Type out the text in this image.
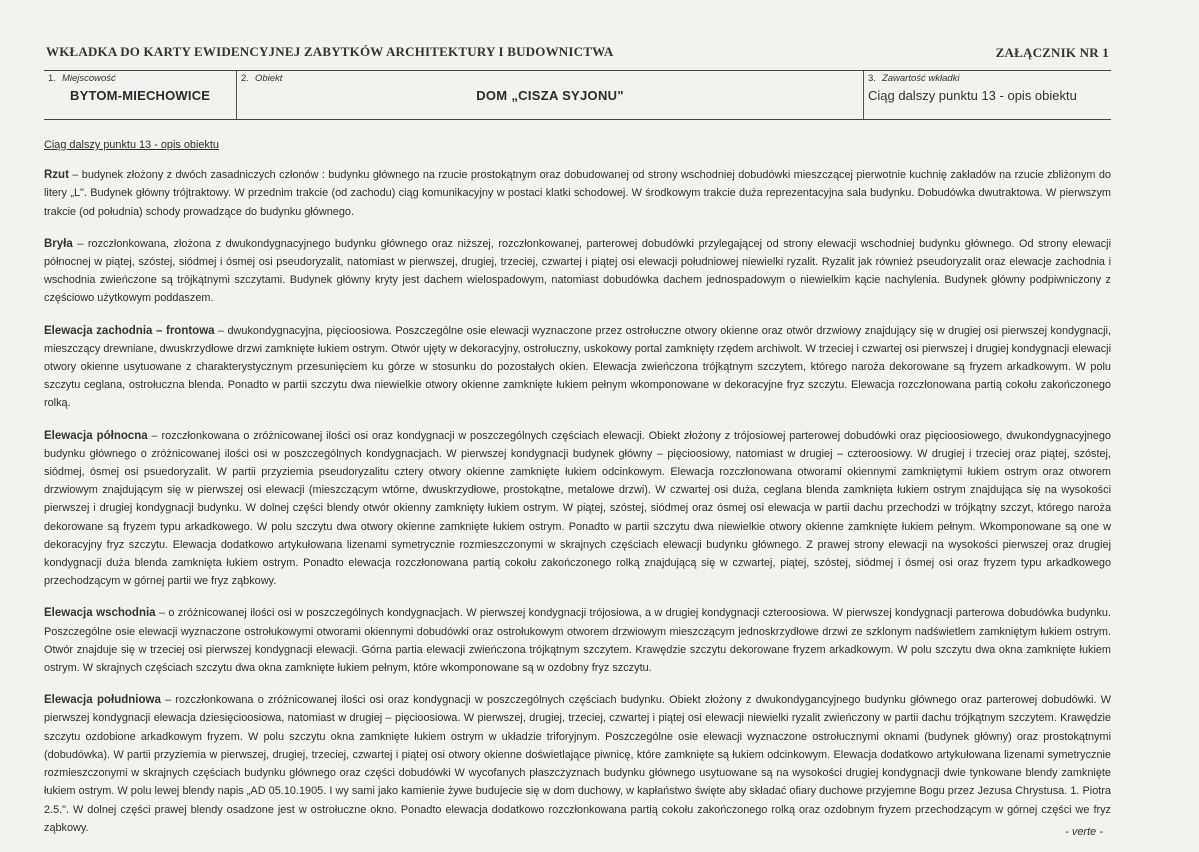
WKŁADKA DO KARTY EWIDENCYJNEJ ZABYTKÓW ARCHITEKTURY I BUDOWNICTWA	ZAŁĄCZNIK NR 1
1. Miejscowość
BYTOM-MIECHOWICE
2. Obiekt
DOM „CISZA SYJONU"
3. Zawartość wkładki
Ciąg dalszy punktu 13 - opis obiektu
Ciąg dalszy punktu 13 - opis obiektu

Rzut – budynek złożony z dwóch zasadniczych członów : budynku głównego na rzucie prostokątnym oraz dobudowanej od strony wschodniej dobudówki mieszczącej pierwotnie kuchnię zakładów na rzucie zbliżonym do litery „L". Budynek główny trójtraktowy. W przednim trakcie (od zachodu) ciąg komunikacyjny w postaci klatki schodowej. W środkowym trakcie duża reprezentacyjna sala budynku. Dobudówka dwutraktowa. W pierwszym trakcie (od południa) schody prowadzące do budynku głównego.

Bryła – rozczłonkowana, złożona z dwukondygnacyjnego budynku głównego oraz niższej, rozczłonkowanej, parterowej dobudówki przylegającej od strony elewacji wschodniej budynku głównego. Od strony elewacji północnej w piątej, szóstej, siódmej i ósmej osi pseudoryzalit, natomiast w pierwszej, drugiej, trzeciej, czwartej i piątej osi elewacji południowej niewielki ryzalit. Ryzalit jak również pseudoryzalit oraz elewacje zachodnia i wschodnia zwieńczone są trójkątnymi szczytami. Budynek główny kryty jest dachem wielospadowym, natomiast dobudówka dachem jednospadowym o niewielkim kącie nachylenia. Budynek główny podpiwniczony z częściowo użytkowym poddaszem.

Elewacja zachodnia – frontowa – dwukondygnacyjna, pięcioosiowa. Poszczególne osie elewacji wyznaczone przez ostrołuczne otwory okienne oraz otwór drzwiowy znajdujący się w drugiej osi pierwszej kondygnacji, mieszczący drewniane, dwuskrzydłowe drzwi zamknięte łukiem ostrym. Otwór ujęty w dekoracyjny, ostrołuczny, uskokowy portal zamknięty rzędem archiwolt. W trzeciej i czwartej osi pierwszej i drugiej kondygnacji elewacji otwory okienne usytuowane z charakterystycznym przesunięciem ku górze w stosunku do pozostałych okien. Elewacja zwieńczona trójkątnym szczytem, którego naroża dekorowane są fryzem arkadkowym. W polu szczytu ceglana, ostrołuczna blenda. Ponadto w partii szczytu dwa niewielkie otwory okienne zamknięte łukiem pełnym wkomponowane w dekoracyjne fryz szczytu. Elewacja rozczłonowana partią cokołu zakończonego rolką.

Elewacja północna – rozczłonkowana o zróżnicowanej ilości osi oraz kondygnacji w poszczególnych częściach elewacji. Obiekt złożony z trójosiowej parterowej dobudówki oraz pięcioosiowego, dwukondygnacyjnego budynku głównego o zróżnicowanej ilości osi w poszczególnych kondygnacjach. W pierwszej kondygnacji budynek główny – pięcioosiowy, natomiast w drugiej – czteroosiowy. W drugiej i trzeciej oraz piątej, szóstej, siódmej, ósmej osi psuedoryzalit. W partii przyziemia pseudoryzalitu cztery otwory okienne zamknięte łukiem odcinkowym. Elewacja rozczłonowana otworami okiennymi zamkniętymi łukiem ostrym oraz otworem drzwiowym znajdującym się w pierwszej osi elewacji (mieszczącym wtórne, dwuskrzydłowe, prostokątne, metalowe drzwi). W czwartej osi duża, ceglana blenda zamknięta łukiem ostrym znajdująca się na wysokości pierwszej i drugiej kondygnacji budynku. W dolnej części blendy otwór okienny zamknięty łukiem ostrym. W piątej, szóstej, siódmej oraz ósmej osi elewacja w partii dachu przechodzi w trójkątny szczyt, którego naroża dekorowane są fryzem typu arkadkowego. W polu szczytu dwa otwory okienne zamknięte łukiem ostrym. Ponadto w partii szczytu dwa niewielkie otwory okienne zamknięte łukiem pełnym. Wkomponowane są one w dekoracyjny fryz szczytu. Elewacja dodatkowo artykułowana lizenami symetrycznie rozmieszczonymi w skrajnych częściach elewacji budynku głównego. Z prawej strony elewacji na wysokości pierwszej oraz drugiej kondygnacji duża blenda zamknięta łukiem ostrym. Ponadto elewacja rozczłonowana partią cokołu zakończonego rolką znajdującą się w czwartej, piątej, szóstej, siódmej i ósmej osi oraz fryzem typu arkadkowego przechodzącym w górnej partii we fryz ząbkowy.

Elewacja wschodnia – o zróżnicowanej ilości osi w poszczególnych kondygnacjach. W pierwszej kondygnacji trójosiowa, a w drugiej kondygnacji czteroosiowa. W pierwszej kondygnacji parterowa dobudówka budynku. Poszczególne osie elewacji wyznaczone ostrołukowymi otworami okiennymi dobudówki oraz ostrołukowym otworem drzwiowym mieszczącym jednoskrzydłowe drzwi ze szklonym nadświetlem zamkniętym łukiem ostrym. Otwór znajduje się w trzeciej osi pierwszej kondygnacji elewacji. Górna partia elewacji zwieńczona trójkątnym szczytem. Krawędzie szczytu dekorowane fryzem arkadkowym. W polu szczytu dwa okna zamknięte łukiem ostrym. W skrajnych częściach szczytu dwa okna zamknięte łukiem pełnym, które wkomponowane są w ozdobny fryz szczytu.

Elewacja południowa – rozczłonkowana o zróżnicowanej ilości osi oraz kondygnacji w poszczególnych częściach budynku. Obiekt złożony z dwukondygancyjnego budynku głównego oraz parterowej dobudówki. W pierwszej kondygnacji elewacja dziesięcioosiowa, natomiast w drugiej – pięcioosiowa. W pierwszej, drugiej, trzeciej, czwartej i piątej osi elewacji niewielki ryzalit zwieńczony w partii dachu trójkątnym szczytem. Krawędzie szczytu ozdobione arkadkowym fryzem. W polu szczytu okna zamknięte łukiem ostrym w układzie triforyjnym. Poszczególne osie elewacji wyznaczone ostrołucznymi oknami (budynek główny) oraz prostokątnymi (dobudówka). W partii przyziemia w pierwszej, drugiej, trzeciej, czwartej i piątej osi otwory okienne doświetlające piwnicę, które zamknięte są łukiem odcinkowym. Elewacja dodatkowo artykułowana lizenami symetrycznie rozmieszczonymi w skrajnych częściach budynku głównego oraz części dobudówki W wycofanych płaszczyznach budynku głównego usytuowane są na wysokości drugiej kondygnacji dwie tynkowane blendy zamknięte łukiem ostrym. W polu lewej blendy napis „AD 05.10.1905. I wy sami jako kamienie żywe budujecie się w dom duchowy, w kapłaństwo święte aby składać ofiary duchowe przyjemne Bogu przez Jezusa Chrystusa. 1. Piotra 2.5.". W dolnej części prawej blendy osadzone jest w ostrołuczne okno. Ponadto elewacja dodatkowo rozczłonkowana partią cokołu zakończonego rolką oraz ozdobnym fryzem przechodzącym w górnej części we fryz ząbkowy.	- verte -
